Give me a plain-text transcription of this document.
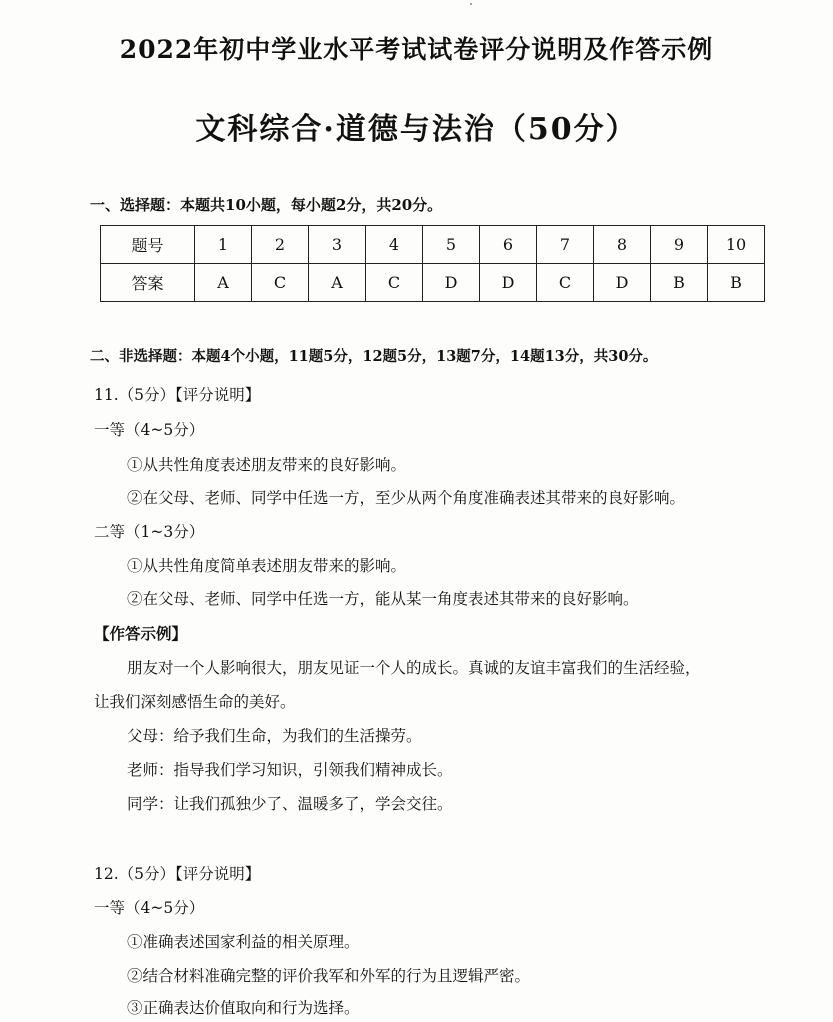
2022年初中学业水平考试试卷评分说明及作答示例
文科综合·道德与法治（50分）
一、选择题：本题共10小题，每小题2分，共20分。
题号	1	2	3	4	5	6	7	8	9	10
答案	A	C	A	C	D	D	C	D	B	B
二、非选择题：本题4个小题，11题5分，12题5分，13题7分，14题13分，共30分。
11.（5分）【评分说明】
一等（4~5分）
①从共性角度表述朋友带来的良好影响。
②在父母、老师、同学中任选一方，至少从两个角度准确表述其带来的良好影响。
二等（1~3分）
①从共性角度简单表述朋友带来的影响。
②在父母、老师、同学中任选一方，能从某一角度表述其带来的良好影响。
【作答示例】
朋友对一个人影响很大，朋友见证一个人的成长。真诚的友谊丰富我们的生活经验，
让我们深刻感悟生命的美好。
父母：给予我们生命，为我们的生活操劳。
老师：指导我们学习知识，引领我们精神成长。
同学：让我们孤独少了、温暖多了，学会交往。
12.（5分）【评分说明】
一等（4~5分）
①准确表述国家利益的相关原理。
②结合材料准确完整的评价我军和外军的行为且逻辑严密。
③正确表达价值取向和行为选择。
